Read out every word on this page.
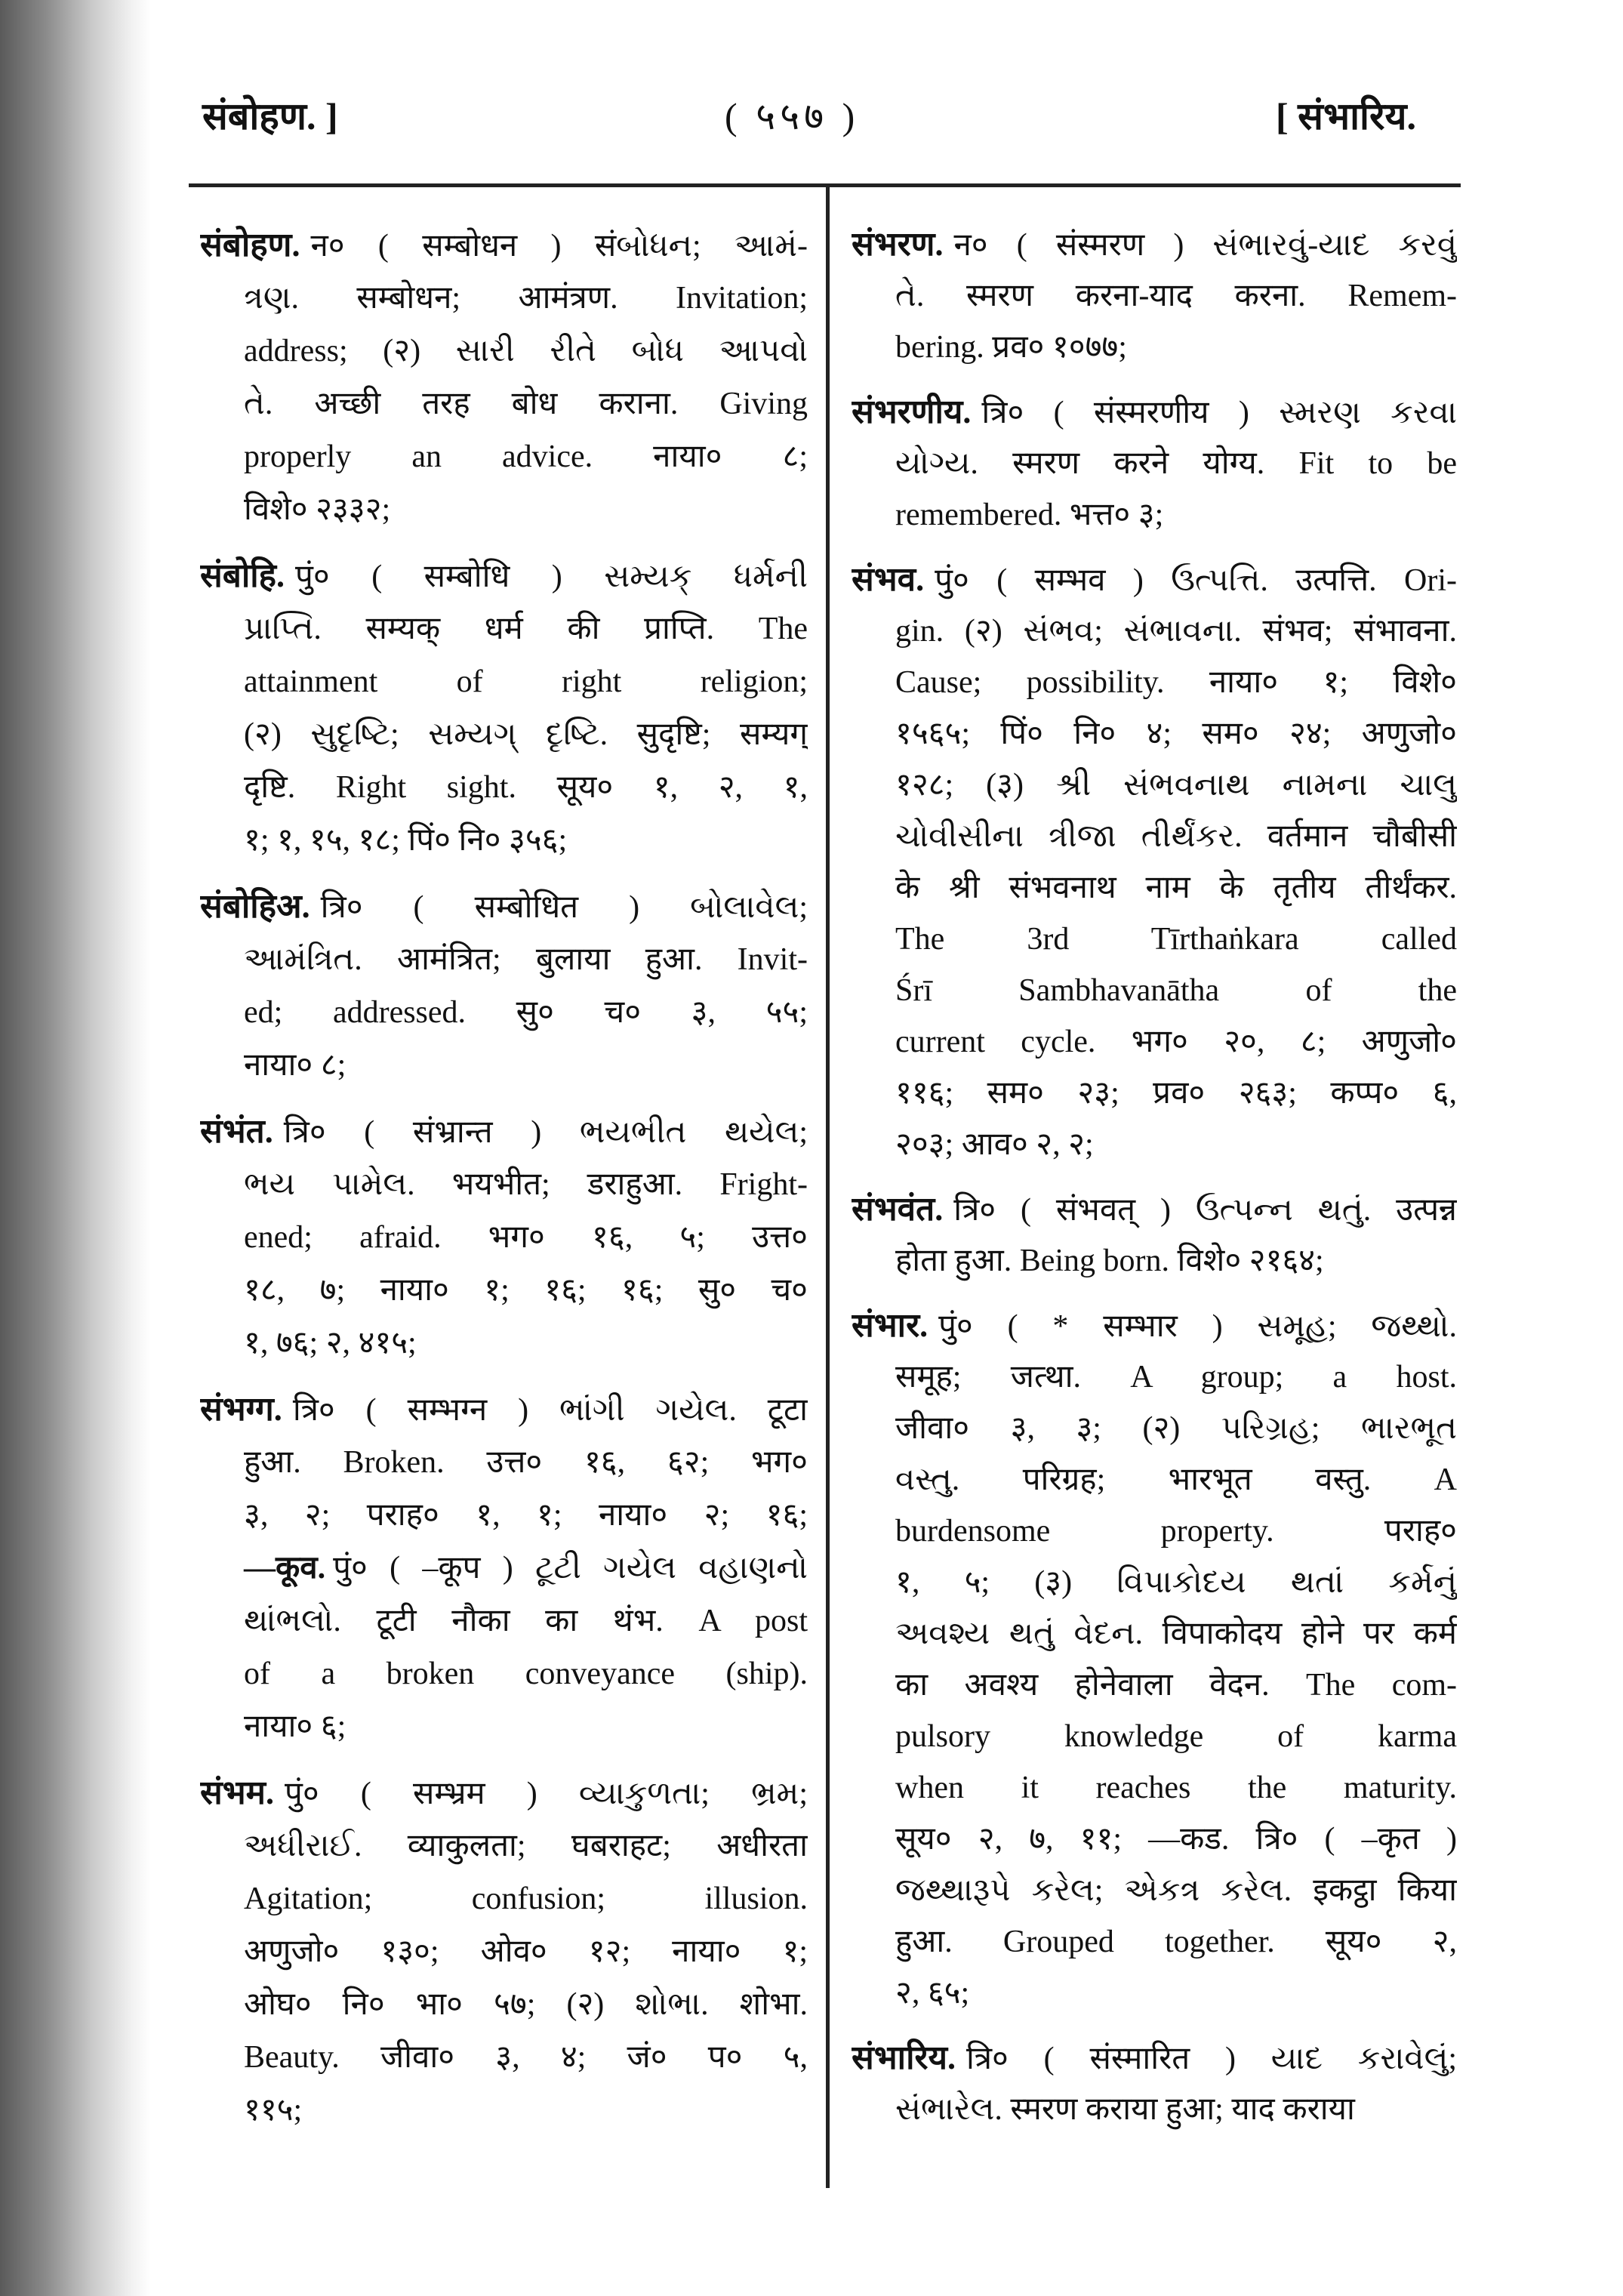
संबोहण. ]	( ५५७ )	[ संभारिय.
संबोहण. न० ( सम्बोधन ) संબોધન; આમં-
ત્રણ. सम्बोधन; आमंत्रण. Invitation;
address; (२) સારી રીતે બોધ આપવો
તે. अच्छी तरह बोध कराना. Giving
properly an advice. नाया० ८;
विशे० २३३२;
संबोहि. पुं० ( सम्बोधि ) સમ્યક્ ધર્મની
પ્રાપ્તિ. सम्यक् धर्म की प्राप्ति. The
attainment of right religion;
(२) સુદૃષ્ટિ; સમ્યગ્ દૃષ્ટિ. सुदृष्टि; सम्यग्
दृष्टि. Right sight. सूय० १, २, १,
१; १, १५, १८; पिं० नि० ३५६;
संबोहिअ. त्रि० ( सम्बोधित ) બોલાવેલ;
આમંત્રિત. आमंत्रित; बुलाया हुआ. Invit-
ed; addressed. सु० च० ३, ५५;
नाया० ८;
संभंत. त्रि० ( संभ्रान्त ) ભયભીત થયેલ;
ભય પામેલ. भयभीत; डराहुआ. Fright-
ened; afraid. भग० १६, ५; उत्त०
१८, ७; नाया० १; १६; १६; सु० च०
१, ७६; २, ४१५;
संभग्ग. त्रि० ( सम्भग्न ) ભાંગી ગયેલ. टूटा
हुआ. Broken. उत्त० १६, ६२; भग०
३, २; पराह० १, १; नाया० २; १६;
—कूव. पुं० ( –कूप ) ટૂટી ગયેલ વહાણનો
થાંભલો. टूटी नौका का थंभ. A post
of a broken conveyance (ship).
नाया० ६;
संभम. पुं० ( सम्भ्रम ) વ્યાકુળતા; ભ્રમ;
અધીરાઈ. व्याकुलता; घबराहट; अधीरता
Agitation; confusion; illusion.
अणुजो० १३०; ओव० १२; नाया० १;
ओघ० नि० भा० ५७; (२) શોભા. शोभा.
Beauty. जीवा० ३, ४; जं० प० ५,
११५;
संभरण. न० ( संस्मरण ) સંભારવું-યાદ કરવું
તે. स्मरण करना-याद करना. Remem-
bering. प्रव० १०७७;
संभरणीय. त्रि० ( संस्मरणीय ) સ્મરણ કરવા
યોગ્ય. स्मरण करने योग्य. Fit to be
remembered. भत्त० ३;
संभव. पुं० ( सम्भव ) ઉત્પત્તિ. उत्पत्ति. Ori-
gin. (२) સંભવ; સંભાવના. संभव; संभावना.
Cause; possibility. नाया० १; विशे०
१५६५; पिं० नि० ४; सम० २४; अणुजो०
१२८; (३) શ્રી સંભવનાથ નામના ચાલુ
ચોવીસીના ત્રીજા તીર્થંકર. वर्तमान चौबीसी
के श्री संभवनाथ नाम के तृतीय तीर्थंकर.
The 3rd Tīrthaṅkara called
Śrī Sambhavanātha of the
current cycle. भग० २०, ८; अणुजो०
११६; सम० २३; प्रव० २६३; कप्प० ६,
२०३; आव० २, २;
संभवंत. त्रि० ( संभवत् ) ઉત્પન્ન થતું. उत्पन्न
होता हुआ. Being born. विशे० २१६४;
संभार. पुं० ( * सम्भार ) સમૂહ; જથ્થો.
समूह; जत्था. A group; a host.
जीवा० ३, ३; (२) પરિગ્રહ; ભારભૂત
વસ્તુ. परिग्रह; भारभूत वस्तु. A
burdensome property. पराह०
१, ५; (३) વિપાકોદય થતાં કર્મનું
અવશ્ય થતું વેદન. विपाकोदय होने पर कर्म
का अवश्य होनेवाला वेदन. The com-
pulsory knowledge of karma
when it reaches the maturity.
सूय० २, ७, ११; —कड. त्रि० ( –कृत )
જથ્થારૂપે કરેલ; એકત્ર કરેલ. इकट्ठा किया
हुआ. Grouped together. सूय० २,
२, ६५;
संभारिय. त्रि० ( संस्मारित ) યાદ કરાવેલું;
સંભારેલ. स्मरण कराया हुआ; याद कराया
